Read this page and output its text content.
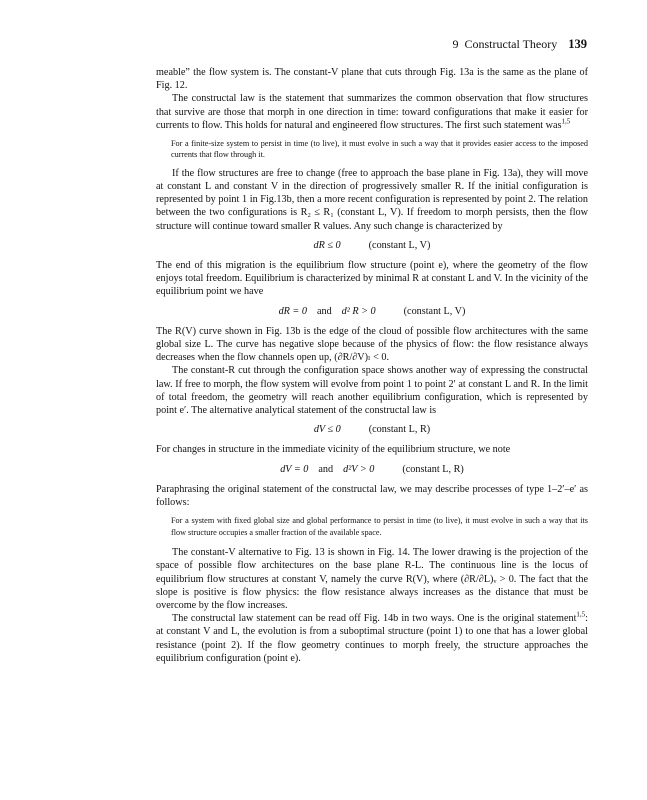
9 Constructal Theory 139

meable” the flow system is. The constant-V plane that cuts through Fig. 13a is the same as the plane of Fig. 12.

The constructal law is the statement that summarizes the common observation that flow structures that survive are those that morph in one direction in time: toward configurations that make it easier for currents to flow. This holds for natural and engineered flow structures. The first such statement was$^{1,5}$

For a finite-size system to persist in time (to live), it must evolve in such a way that it provides easier access to the imposed currents that flow through it.

If the flow structures are free to change (free to approach the base plane in Fig. 13a), they will move at constant L and constant V in the direction of progressively smaller R. If the initial configuration is represented by point 1 in Fig.13b, then a more recent configuration is represented by point 2. The relation between the two configurations is R₂ ≤ R₁ (constant L, V). If freedom to morph persists, then the flow structure will continue toward smaller R values. Any such change is characterized by

dR ≤ 0	(constant L, V)

The end of this migration is the equilibrium flow structure (point e), where the geometry of the flow enjoys total freedom. Equilibrium is characterized by minimal R at constant L and V. In the vicinity of the equilibrium point we have

dR = 0 and d² R > 0	(constant L, V)

The R(V) curve shown in Fig. 13b is the edge of the cloud of possible flow architectures with the same global size L. The curve has negative slope because of the physics of flow: the flow resistance always decreases when the flow channels open up, (∂R/∂V)ₗ < 0.

The constant-R cut through the configuration space shows another way of expressing the constructal law. If free to morph, the flow system will evolve from point 1 to point 2′ at constant L and R. In the limit of total freedom, the geometry will reach another equilibrium configuration, which is represented by point e′. The alternative analytical statement of the constructal law is

dV ≤ 0	(constant L, R)

For changes in structure in the immediate vicinity of the equilibrium structure, we note

dV = 0 and d²V > 0	(constant L, R)

Paraphrasing the original statement of the constructal law, we may describe processes of type 1–2′–e′ as follows:

For a system with fixed global size and global performance to persist in time (to live), it must evolve in such a way that its flow structure occupies a smaller fraction of the available space.

The constant-V alternative to Fig. 13 is shown in Fig. 14. The lower drawing is the projection of the space of possible flow architectures on the base plane R-L. The continuous line is the locus of equilibrium flow structures at constant V, namely the curve R(V), where (∂R/∂L)ᵥ > 0. The fact that the slope is positive is flow physics: the flow resistance always increases as the distance that must be overcome by the flow increases.

The constructal law statement can be read off Fig. 14b in two ways. One is the original statement$^{1,5}$: at constant V and L, the evolution is from a suboptimal structure (point 1) to one that has a lower global resistance (point 2). If the flow geometry continues to morph freely, the structure approaches the equilibrium configuration (point e).
